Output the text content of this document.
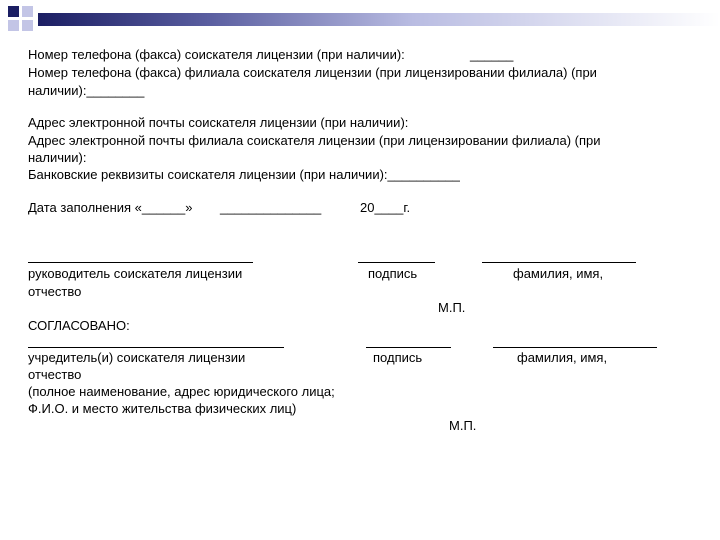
Номер телефона (факса) соискателя лицензии (при наличии):	______
Номер телефона (факса) филиала соискателя лицензии (при лицензировании филиала) (при
наличии):________
Адрес электронной почты соискателя лицензии (при наличии):
Адрес электронной почты филиала соискателя лицензии (при лицензировании филиала) (при
наличии):
Банковские реквизиты соискателя лицензии (при наличии):__________
Дата заполнения «______» ______________	20____г.
руководитель соискателя лицензии	подпись	фамилия, имя,
отчество
М.П.
СОГЛАСОВАНО:
учредитель(и) соискателя лицензии	подпись	фамилия, имя,
отчество
(полное наименование, адрес юридического лица;
Ф.И.О. и место жительства физических лиц)
М.П.
